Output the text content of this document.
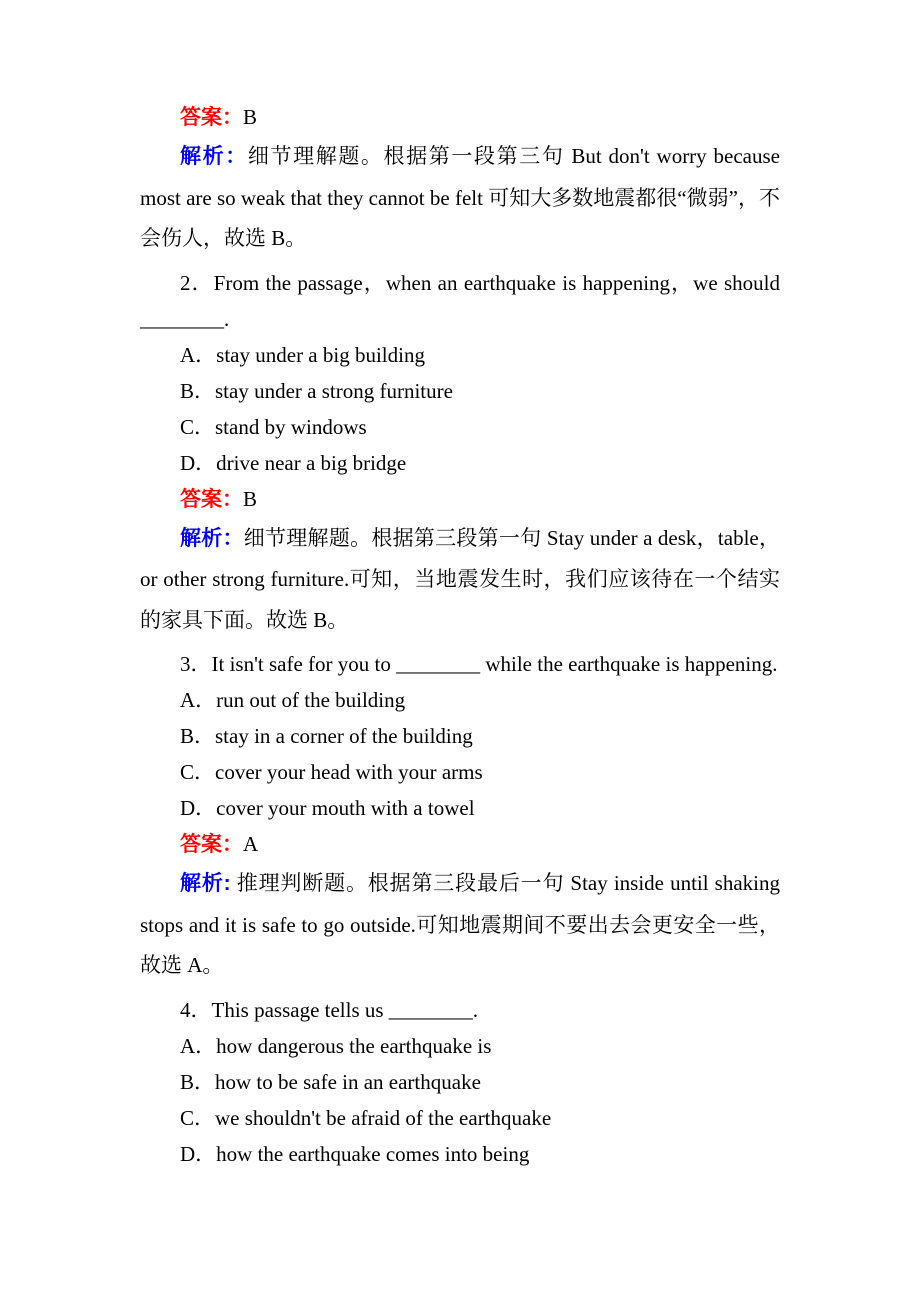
答案：B

解析：细节理解题。根据第一段第三句 But don't worry because most are so weak that they cannot be felt 可知大多数地震都很“微弱”，不会伤人，故选 B。

2．From the passage，when an earthquake is happening，we should ________.

A．stay under a big building

B．stay under a strong furniture

C．stand by windows

D．drive near a big bridge

答案：B

解析：细节理解题。根据第三段第一句 Stay under a desk，table，or other strong furniture.可知，当地震发生时，我们应该待在一个结实的家具下面。故选 B。

3．It isn't safe for you to ________ while the earthquake is happening.

A．run out of the building

B．stay in a corner of the building

C．cover your head with your arms

D．cover your mouth with a towel

答案：A

解析: 推理判断题。根据第三段最后一句 Stay inside until shaking stops and it is safe to go outside.可知地震期间不要出去会更安全一些，故选 A。

4．This passage tells us ________.

A．how dangerous the earthquake is

B．how to be safe in an earthquake

C．we shouldn't be afraid of the earthquake

D．how the earthquake comes into being
